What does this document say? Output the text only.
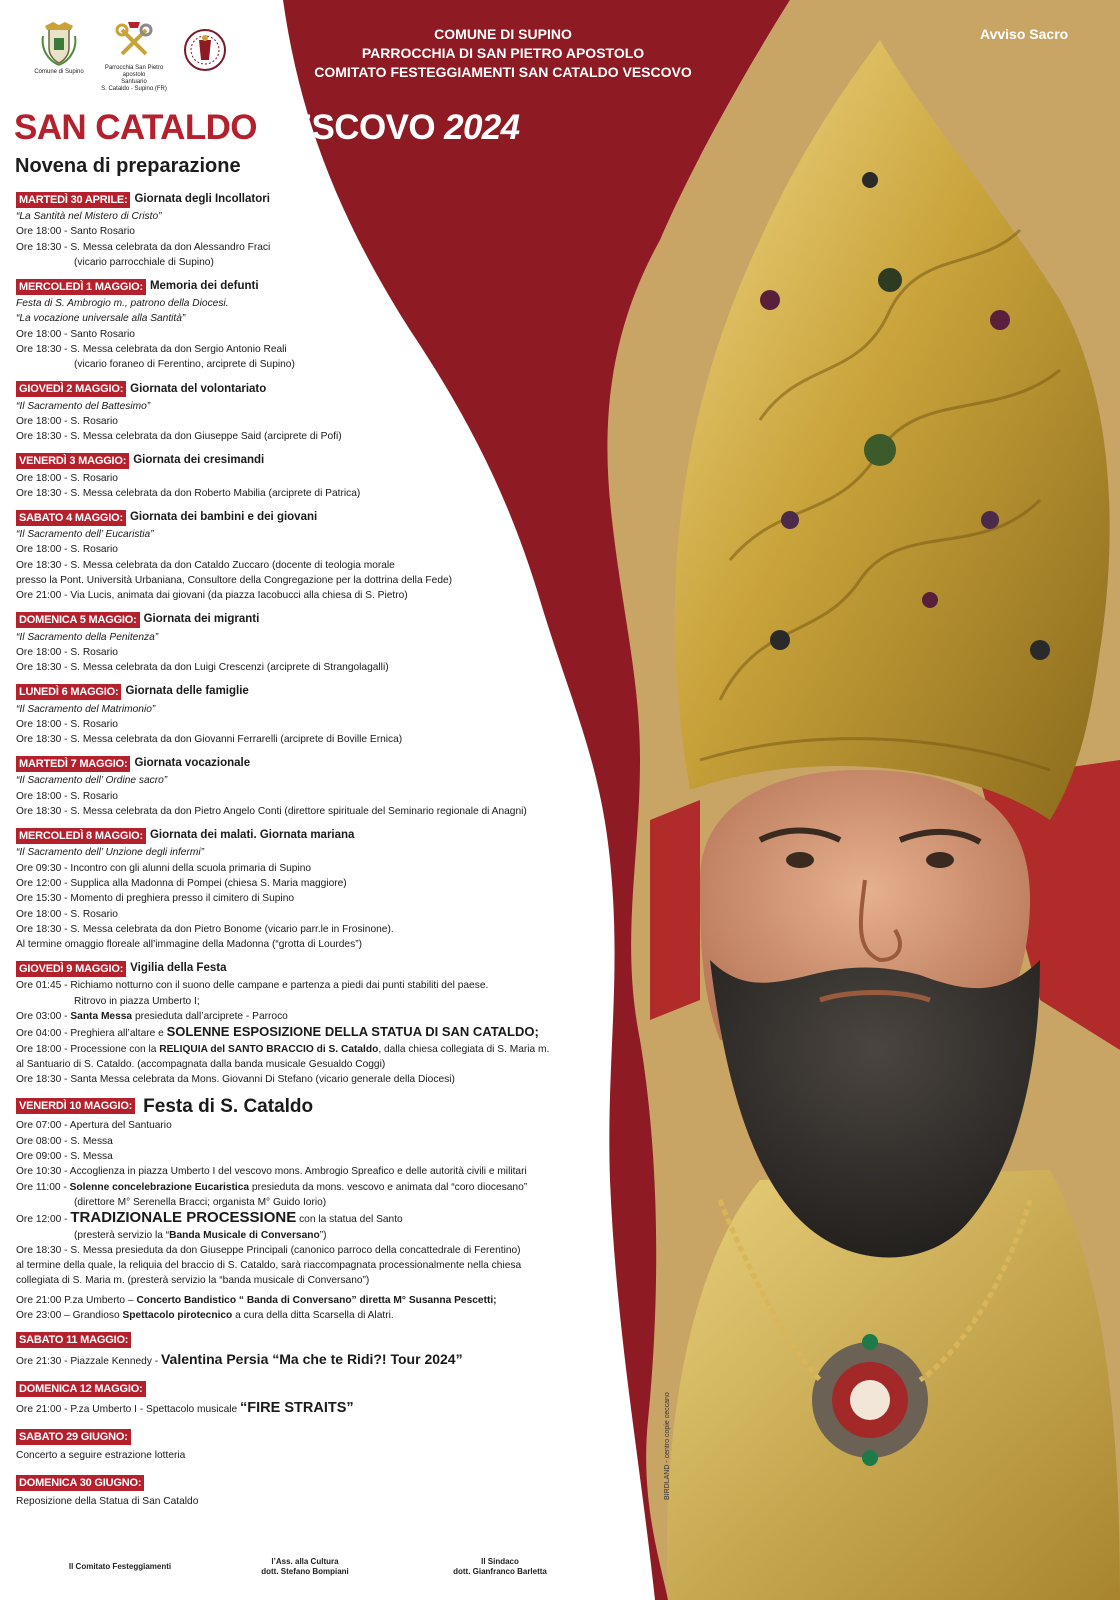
Comune di Supino
Parrocchia San Pietro apostolo
Santuario
S. Cataldo - Supino (FR)
COMUNE DI SUPINO
PARROCCHIA DI SAN PIETRO APOSTOLO
COMITATO FESTEGGIAMENTI SAN CATALDO VESCOVO
Avviso Sacro
SAN CATALDO VESCOVO 2024
Novena di preparazione
MARTEDÌ 30 APRILE: Giornata degli Incollatori
“La Santità nel Mistero di Cristo”
Ore 18:00 - Santo Rosario
Ore 18:30 - S. Messa celebrata da don Alessandro Fraci
(vicario parrocchiale di Supino)
MERCOLEDÌ 1 MAGGIO: Memoria dei defunti
Festa di S. Ambrogio m., patrono della Diocesi.
“La vocazione universale alla Santità”
Ore 18:00 - Santo Rosario
Ore 18:30 - S. Messa celebrata da don Sergio Antonio Reali
(vicario foraneo di Ferentino, arciprete di Supino)
GIOVEDÌ 2 MAGGIO: Giornata del volontariato
“Il Sacramento del Battesimo”
Ore 18:00 - S. Rosario
Ore 18:30 - S. Messa celebrata da don Giuseppe Said (arciprete di Pofi)
VENERDÌ 3 MAGGIO: Giornata dei cresimandi
Ore 18:00 - S. Rosario
Ore 18:30 - S. Messa celebrata da don Roberto Mabilia (arciprete di Patrica)
SABATO 4 MAGGIO: Giornata dei bambini e dei giovani
“Il Sacramento dell’ Eucaristia”
Ore 18:00 - S. Rosario
Ore 18:30 - S. Messa celebrata da don Cataldo Zuccaro (docente di teologia morale
presso la Pont. Università Urbaniana, Consultore della Congregazione per la dottrina della Fede)
Ore 21:00 - Via Lucis, animata dai giovani (da piazza Iacobucci alla chiesa di S. Pietro)
DOMENICA 5 MAGGIO: Giornata dei migranti
“Il Sacramento della Penitenza”
Ore 18:00 - S. Rosario
Ore 18:30 - S. Messa celebrata da don Luigi Crescenzi (arciprete di Strangolagalli)
LUNEDÌ 6 MAGGIO: Giornata delle famiglie
“Il Sacramento del Matrimonio”
Ore 18:00 - S. Rosario
Ore 18:30 - S. Messa celebrata da don Giovanni Ferrarelli (arciprete di Boville Ernica)
MARTEDÌ 7 MAGGIO: Giornata vocazionale
“Il Sacramento dell’ Ordine sacro”
Ore 18:00 - S. Rosario
Ore 18:30 - S. Messa celebrata da don Pietro Angelo Conti (direttore spirituale del Seminario regionale di Anagni)
MERCOLEDÌ 8 MAGGIO: Giornata dei malati. Giornata mariana
“Il Sacramento dell’ Unzione degli infermi”
Ore 09:30 - Incontro con gli alunni della scuola primaria di Supino
Ore 12:00 - Supplica alla Madonna di Pompei (chiesa S. Maria maggiore)
Ore 15:30 - Momento di preghiera presso il cimitero di Supino
Ore 18:00 - S. Rosario
Ore 18:30 - S. Messa celebrata da don Pietro Bonome (vicario parr.le in Frosinone).
Al termine omaggio floreale all’immagine della Madonna (“grotta di Lourdes”)
GIOVEDÌ 9 MAGGIO: Vigilia della Festa
Ore 01:45 - Richiamo notturno con il suono delle campane e partenza a piedi dai punti stabiliti del paese.
Ritrovo in piazza Umberto I;
Ore 03:00 - Santa Messa presieduta dall’arciprete - Parroco
Ore 04:00 - Preghiera all’altare e SOLENNE ESPOSIZIONE DELLA STATUA DI SAN CATALDO;
Ore 18:00 - Processione con la RELIQUIA del SANTO BRACCIO di S. Cataldo, dalla chiesa collegiata di S. Maria m.
al Santuario di S. Cataldo. (accompagnata dalla banda musicale Gesualdo Coggi)
Ore 18:30 - Santa Messa celebrata da Mons. Giovanni Di Stefano (vicario generale della Diocesi)
VENERDÌ 10 MAGGIO: Festa di S. Cataldo
Ore 07:00 - Apertura del Santuario
Ore 08:00 - S. Messa
Ore 09:00 - S. Messa
Ore 10:30 - Accoglienza in piazza Umberto I del vescovo mons. Ambrogio Spreafico e delle autorità civili e militari
Ore 11:00 - Solenne concelebrazione Eucaristica presieduta da mons. vescovo e animata dal “coro diocesano”
(direttore M° Serenella Bracci; organista M° Guido Iorio)
Ore 12:00 - TRADIZIONALE PROCESSIONE con la statua del Santo
(presterà servizio la “Banda Musicale di Conversano”)
Ore 18:30 - S. Messa presieduta da don Giuseppe Principali (canonico parroco della concattedrale di Ferentino)
al termine della quale, la reliquia del braccio di S. Cataldo, sarà riaccompagnata processionalmente nella chiesa
collegiata di S. Maria m. (presterà servizio la “banda musicale di Conversano”)
Ore 21:00 P.za Umberto – Concerto Bandistico “ Banda di Conversano” diretta M° Susanna Pescetti;
Ore 23:00 – Grandioso Spettacolo pirotecnico a cura della ditta Scarsella di Alatri.
SABATO 11 MAGGIO:
Ore 21:30 - Piazzale Kennedy - Valentina Persia “Ma che te Ridi?! Tour 2024”
DOMENICA 12 MAGGIO:
Ore 21:00 - P.za Umberto I - Spettacolo musicale “FIRE STRAITS”
SABATO 29 GIUGNO:
Concerto a seguire estrazione lotteria
DOMENICA 30 GIUGNO:
Reposizione della Statua di San Cataldo
BIRDLAND - centro copie ceccano
Il Comitato Festeggiamenti
l’Ass. alla Cultura
dott. Stefano Bompiani
Il Sindaco
dott. Gianfranco Barletta
